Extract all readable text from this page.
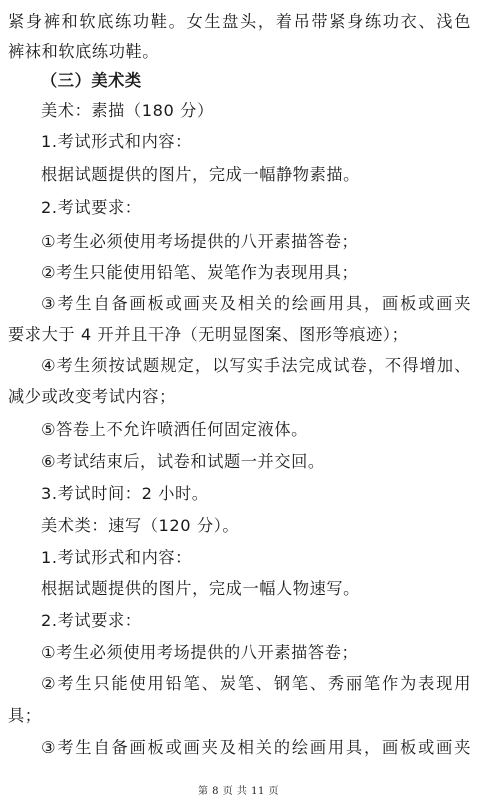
紧身裤和软底练功鞋。女生盘头，着吊带紧身练功衣、浅色
裤袜和软底练功鞋。
（三）美术类
美术：素描（180 分）
1.考试形式和内容：
根据试题提供的图片，完成一幅静物素描。
2.考试要求：
①考生必须使用考场提供的八开素描答卷；
②考生只能使用铅笔、炭笔作为表现用具；
③考生自备画板或画夹及相关的绘画用具，画板或画夹
要求大于 4 开并且干净（无明显图案、图形等痕迹）；
④考生须按试题规定，以写实手法完成试卷，不得增加、
减少或改变考试内容；
⑤答卷上不允许喷洒任何固定液体。
⑥考试结束后，试卷和试题一并交回。
3.考试时间：2 小时。
美术类：速写（120 分）。
1.考试形式和内容：
根据试题提供的图片，完成一幅人物速写。
2.考试要求：
①考生必须使用考场提供的八开素描答卷；
②考生只能使用铅笔、炭笔、钢笔、秀丽笔作为表现用
具；
③考生自备画板或画夹及相关的绘画用具，画板或画夹
第 8 页 共 11 页
